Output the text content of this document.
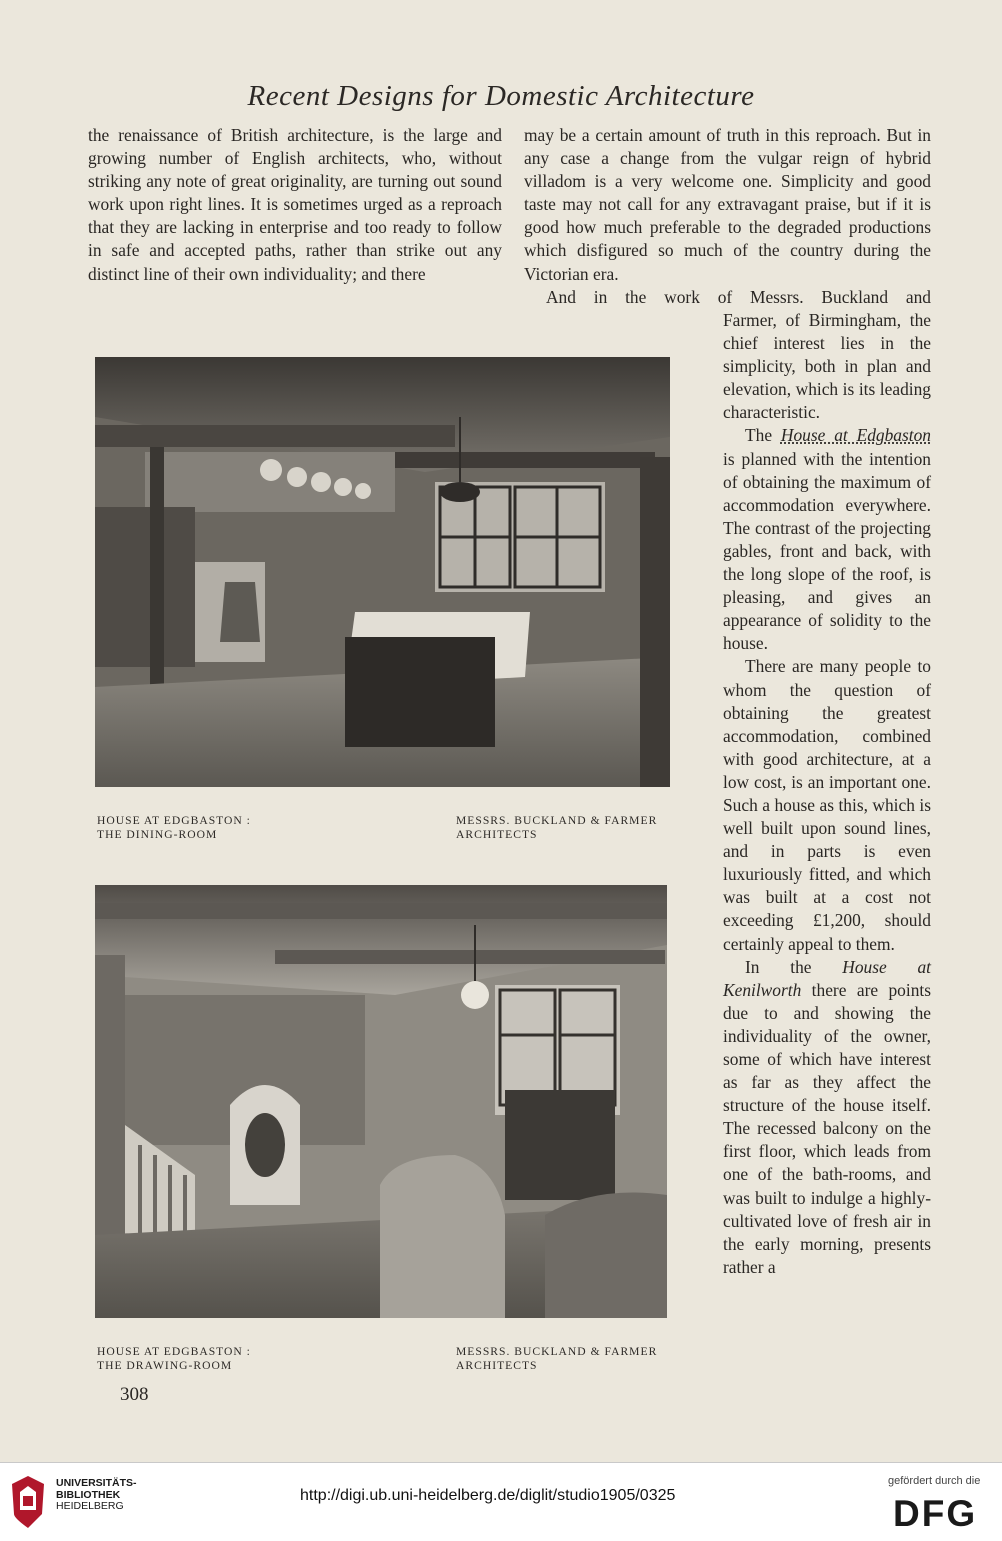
Recent Designs for Domestic Architecture

the renaissance of British architecture, is the large and growing number of English architects, who, without striking any note of great originality, are turning out sound work upon right lines. It is sometimes urged as a reproach that they are lacking in enterprise and too ready to follow in safe and accepted paths, rather than strike out any distinct line of their own individuality; and there

may be a certain amount of truth in this reproach. But in any case a change from the vulgar reign of hybrid villadom is a very welcome one. Simplicity and good taste may not call for any extravagant praise, but if it is good how much preferable to the degraded productions which disfigured so much of the country during the Victorian era.

And in the work of Messrs. Buckland and

Farmer, of Birmingham, the chief interest lies in the simplicity, both in plan and elevation, which is its leading characteristic.

The House at Edgbaston is planned with the intention of obtaining the maximum of accommodation everywhere. The contrast of the projecting gables, front and back, with the long slope of the roof, is pleasing, and gives an appearance of solidity to the house.

There are many people to whom the question of obtaining the greatest accommodation, combined with good architecture, at a low cost, is an important one. Such a house as this, which is well built upon sound lines, and in parts is even luxuriously fitted, and which was built at a cost not exceeding £1,200, should certainly appeal to them.

In the House at Kenilworth there are points due to and showing the individuality of the owner, some of which have interest as far as they affect the structure of the house itself. The recessed balcony on the first floor, which leads from one of the bath-rooms, and was built to indulge a highly-cultivated love of fresh air in the early morning, presents rather a

HOUSE AT EDGBASTON :
THE DINING-ROOM
MESSRS. BUCKLAND & FARMER
ARCHITECTS
HOUSE AT EDGBASTON :
THE DRAWING-ROOM
MESSRS. BUCKLAND & FARMER
ARCHITECTS
308
UNIVERSITÄTS-
BIBLIOTHEK
HEIDELBERG
http://digi.ub.uni-heidelberg.de/diglit/studio1905/0325
gefördert durch die
DFG
